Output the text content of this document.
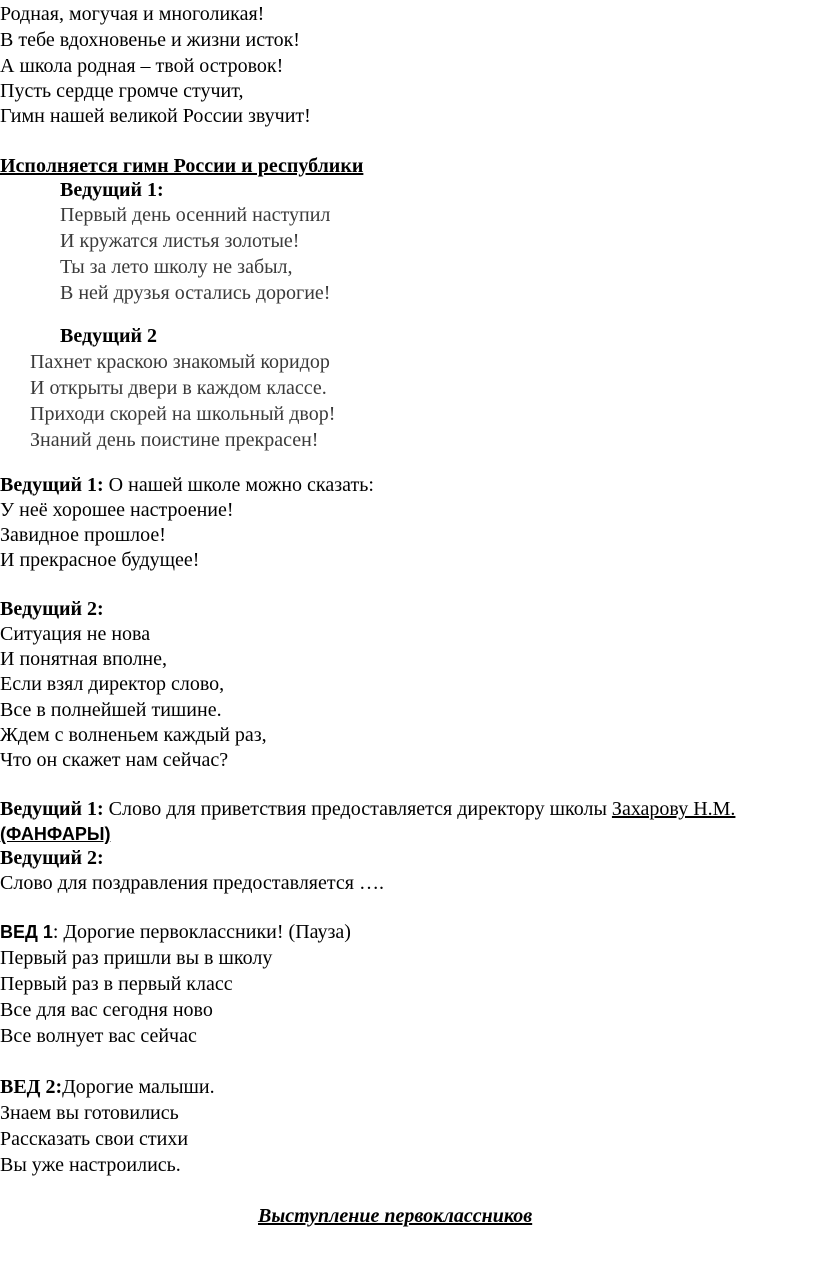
Родная, могучая и многоликая!
В тебе вдохновенье и жизни исток!
А школа родная – твой островок!
Пусть сердце громче стучит,
Гимн нашей великой России звучит!
Исполняется гимн России и республики
Ведущий 1:
Первый день осенний наступил
И кружатся листья золотые!
Ты за лето школу не забыл,
В ней друзья остались дорогие!
Ведущий 2
Пахнет краскою знакомый коридор
И открыты двери в каждом классе.
Приходи скорей на школьный двор!
Знаний день поистине прекрасен!
Ведущий 1: О нашей школе можно сказать:
У неё хорошее настроение!
Завидное прошлое!
И прекрасное будущее!
Ведущий 2:
Ситуация не нова
И понятная вполне,
Если взял директор слово,
Все в полнейшей тишине.
Ждем с волненьем каждый раз,
Что он скажет нам сейчас?
Ведущий 1: Слово для приветствия предоставляется директору школы Захарову Н.М.
(ФАНФАРЫ)
Ведущий 2:
Слово для поздравления предоставляется ….
ВЕД 1: Дорогие первоклассники! (Пауза)
Первый раз пришли вы в школу
Первый раз в первый класс
Все для вас сегодня ново
Все волнует вас сейчас
ВЕД 2:Дорогие малыши.
Знаем вы готовились
Рассказать свои стихи
Вы уже настроились.
Выступление первоклассников
